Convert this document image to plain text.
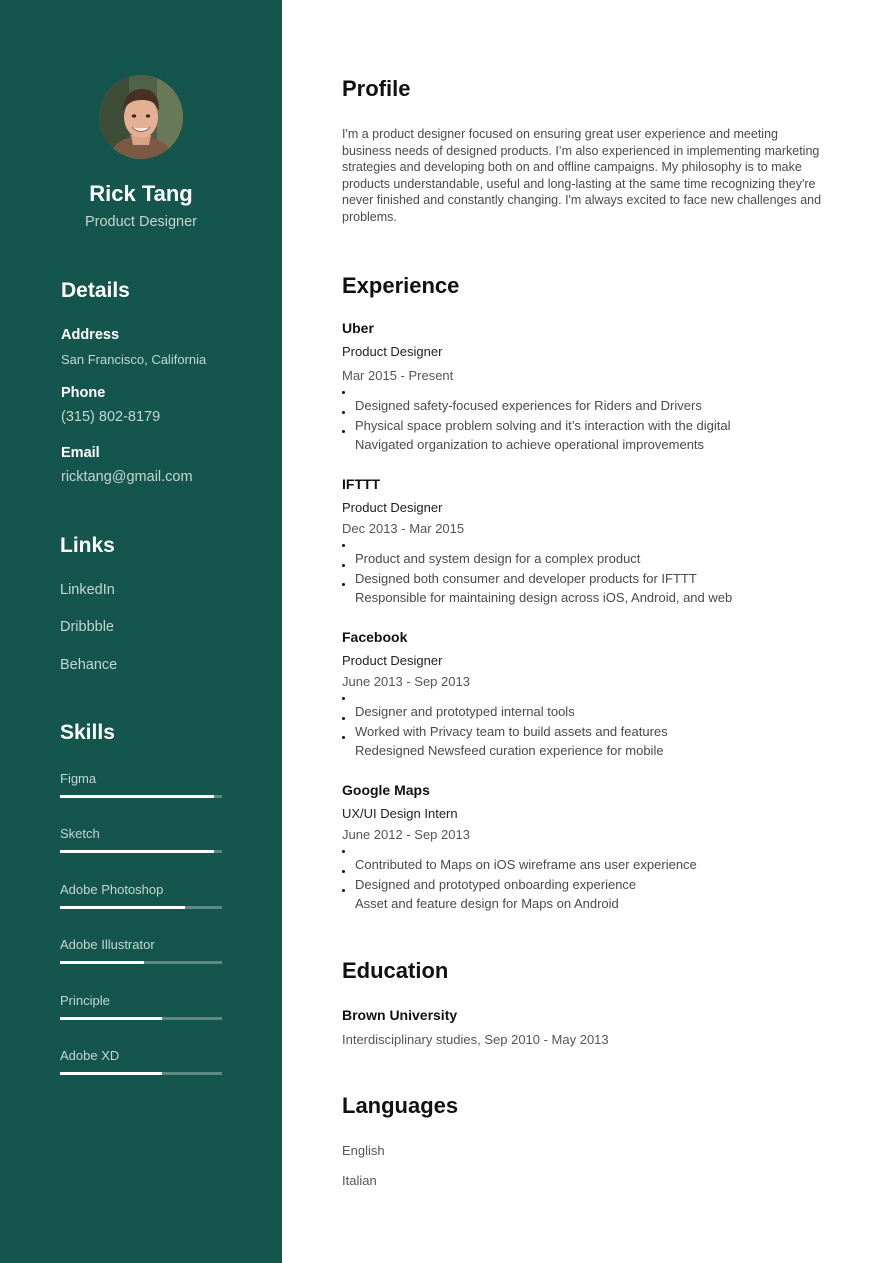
Rick Tang
Product Designer
Details
Address
San Francisco, California
Phone
(315) 802-8179
Email
ricktang@gmail.com
Links
LinkedIn
Dribbble
Behance
Skills
Figma
Sketch
Adobe Photoshop
Adobe Illustrator
Principle
Adobe XD
Profile

I'm a product designer focused on ensuring great user experience and meeting business needs of designed products. I’m also experienced in implementing marketing strategies and developing both on and offline campaigns. My philosophy is to make products understandable, useful and long-lasting at the same time recognizing they're never finished and constantly changing. I'm always excited to face new challenges and problems.

Experience
Uber
Product Designer
Mar 2015 - Present
Designed safety-focused experiences for Riders and Drivers
Physical space problem solving and it’s interaction with the digital
Navigated organization to achieve operational improvements
IFTTT
Product Designer
Dec 2013 - Mar 2015
Product and system design for a complex product
Designed both consumer and developer products for IFTTT
Responsible for maintaining design across iOS, Android, and web
Facebook
Product Designer
June 2013 - Sep 2013
Designer and prototyped internal tools
Worked with Privacy team to build assets and features
Redesigned Newsfeed curation experience for mobile
Google Maps
UX/UI Design Intern
June 2012 - Sep 2013
Contributed to Maps on iOS wireframe ans user experience
Designed and prototyped onboarding experience
Asset and feature design for Maps on Android
Education
Brown University
Interdisciplinary studies, Sep 2010 - May 2013
Languages
English
Italian
